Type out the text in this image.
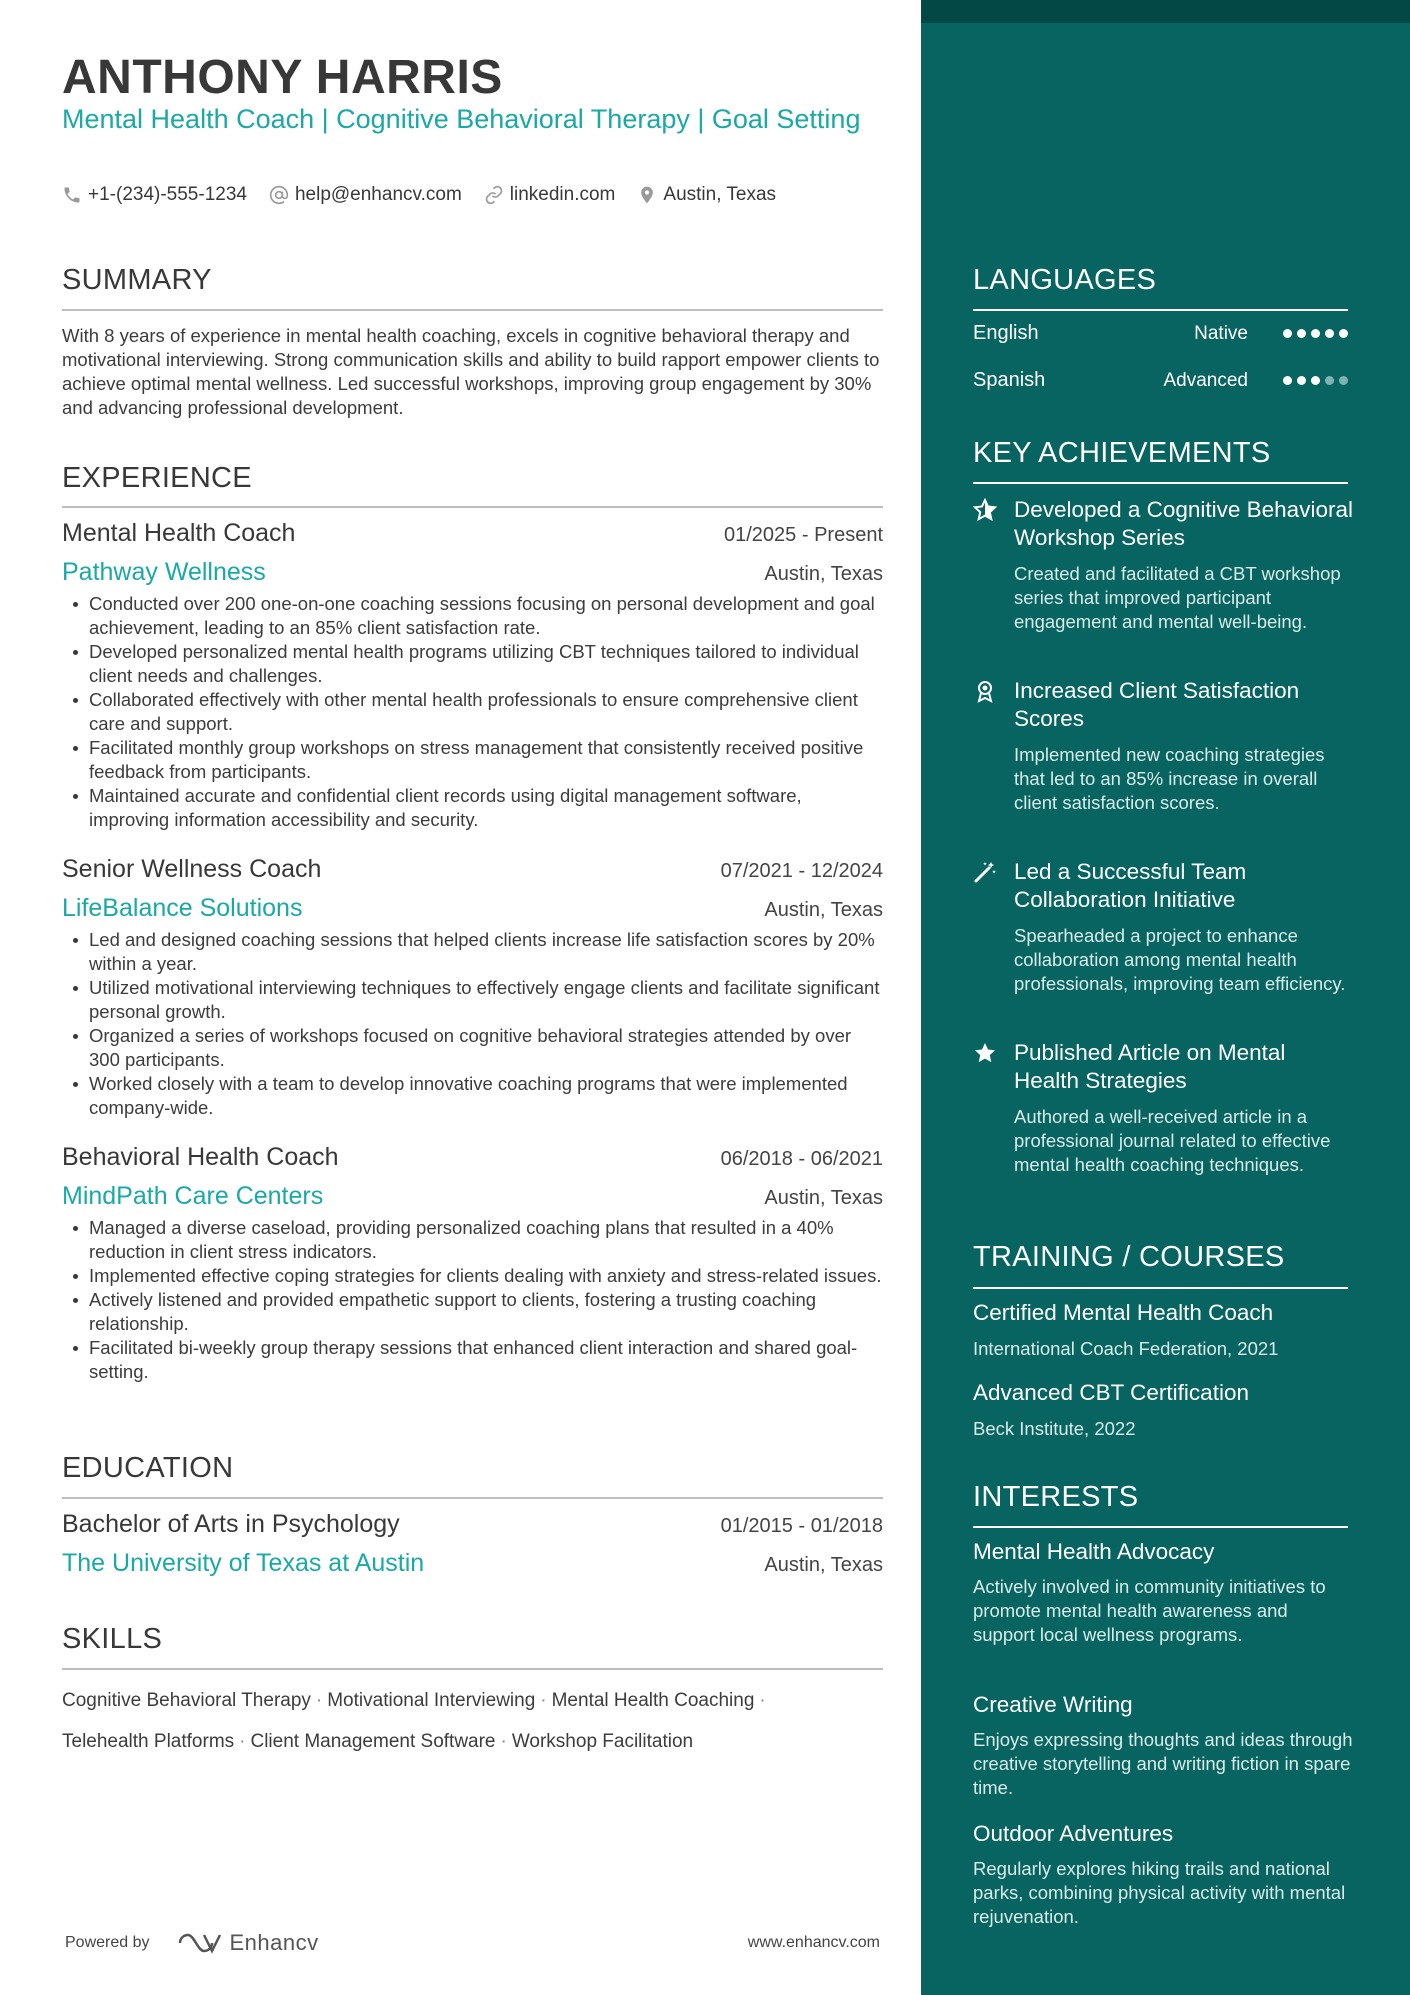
ANTHONY HARRIS
Mental Health Coach | Cognitive Behavioral Therapy | Goal Setting
+1-(234)-555-1234	help@enhancv.com	linkedin.com	Austin, Texas
SUMMARY
With 8 years of experience in mental health coaching, excels in cognitive behavioral therapy and motivational interviewing. Strong communication skills and ability to build rapport empower clients to achieve optimal mental wellness. Led successful workshops, improving group engagement by 30% and advancing professional development.
EXPERIENCE
Mental Health Coach	01/2025 - Present
Pathway Wellness	Austin, Texas
Conducted over 200 one-on-one coaching sessions focusing on personal development and goal achievement, leading to an 85% client satisfaction rate.
Developed personalized mental health programs utilizing CBT techniques tailored to individual client needs and challenges.
Collaborated effectively with other mental health professionals to ensure comprehensive client care and support.
Facilitated monthly group workshops on stress management that consistently received positive feedback from participants.
Maintained accurate and confidential client records using digital management software, improving information accessibility and security.
Senior Wellness Coach	07/2021 - 12/2024
LifeBalance Solutions	Austin, Texas
Led and designed coaching sessions that helped clients increase life satisfaction scores by 20% within a year.
Utilized motivational interviewing techniques to effectively engage clients and facilitate significant personal growth.
Organized a series of workshops focused on cognitive behavioral strategies attended by over 300 participants.
Worked closely with a team to develop innovative coaching programs that were implemented company-wide.
Behavioral Health Coach	06/2018 - 06/2021
MindPath Care Centers	Austin, Texas
Managed a diverse caseload, providing personalized coaching plans that resulted in a 40% reduction in client stress indicators.
Implemented effective coping strategies for clients dealing with anxiety and stress-related issues.
Actively listened and provided empathetic support to clients, fostering a trusting coaching relationship.
Facilitated bi-weekly group therapy sessions that enhanced client interaction and shared goal-setting.
EDUCATION
Bachelor of Arts in Psychology	01/2015 - 01/2018
The University of Texas at Austin	Austin, Texas
SKILLS
Cognitive Behavioral Therapy · Motivational Interviewing · Mental Health Coaching ·
Telehealth Platforms · Client Management Software · Workshop Facilitation
Powered by	Enhancv	www.enhancv.com
LANGUAGES
English	Native
Spanish	Advanced
KEY ACHIEVEMENTS
Developed a Cognitive Behavioral Workshop Series
Created and facilitated a CBT workshop series that improved participant engagement and mental well-being.
Increased Client Satisfaction Scores
Implemented new coaching strategies that led to an 85% increase in overall client satisfaction scores.
Led a Successful Team Collaboration Initiative
Spearheaded a project to enhance collaboration among mental health professionals, improving team efficiency.
Published Article on Mental Health Strategies
Authored a well-received article in a professional journal related to effective mental health coaching techniques.
TRAINING / COURSES
Certified Mental Health Coach
International Coach Federation, 2021
Advanced CBT Certification
Beck Institute, 2022
INTERESTS
Mental Health Advocacy
Actively involved in community initiatives to promote mental health awareness and support local wellness programs.
Creative Writing
Enjoys expressing thoughts and ideas through creative storytelling and writing fiction in spare time.
Outdoor Adventures
Regularly explores hiking trails and national parks, combining physical activity with mental rejuvenation.
